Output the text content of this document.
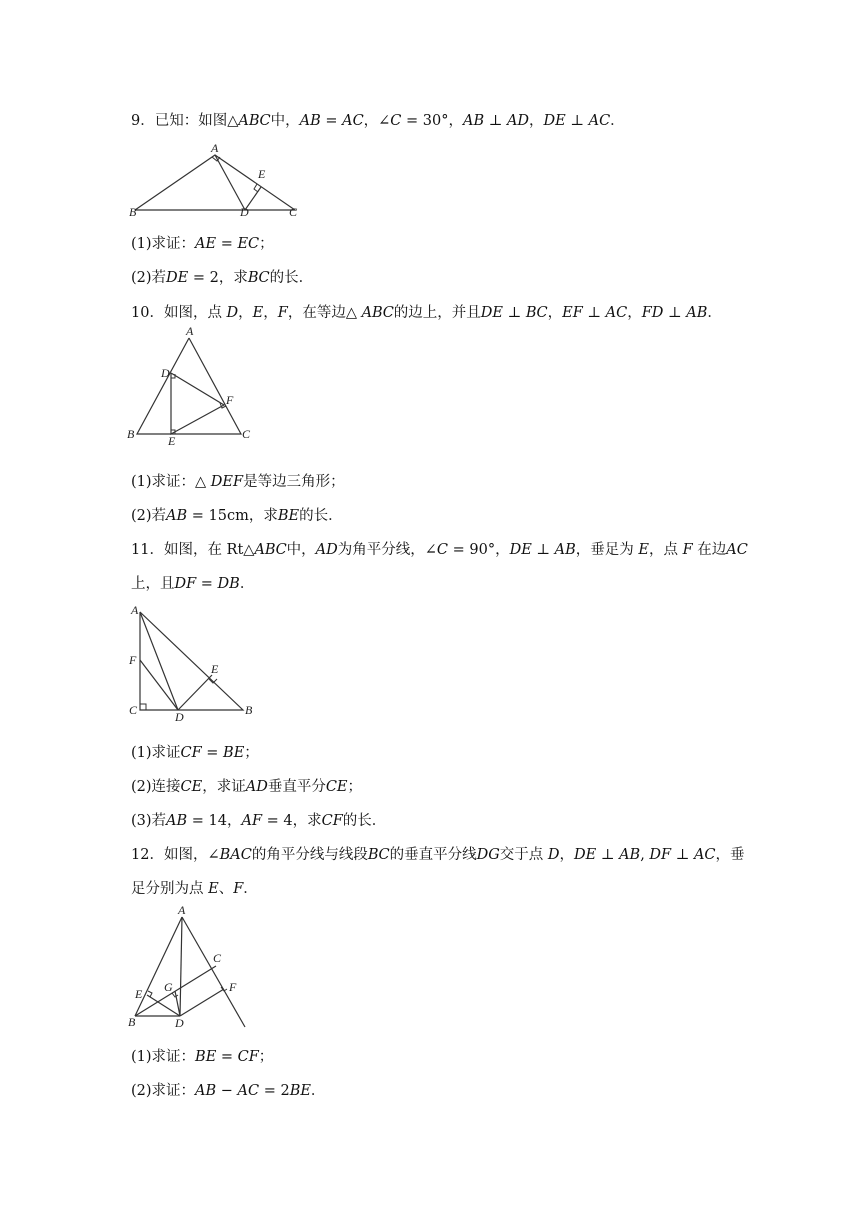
9．已知：如图△𝐴𝐵𝐶中，𝐴𝐵 = 𝐴𝐶，∠𝐶 = 30°，𝐴𝐵 ⊥ 𝐴𝐷，𝐷𝐸 ⊥ 𝐴𝐶．

A
B	C
D
E

(1)求证：𝐴𝐸 = 𝐸𝐶；

(2)若𝐷𝐸 = 2，求𝐵𝐶的长．

10．如图，点 𝐷，𝐸，𝐹，在等边△ 𝐴𝐵𝐶的边上，并且𝐷𝐸 ⊥ 𝐵𝐶，𝐸𝐹 ⊥ 𝐴𝐶，𝐹𝐷 ⊥ 𝐴𝐵．

A
B	C
D
E
F

(1)求证：△ 𝐷𝐸𝐹是等边三角形；

(2)若𝐴𝐵 = 15cm，求𝐵𝐸的长．

11．如图，在 Rt△𝐴𝐵𝐶中，𝐴𝐷为角平分线，∠𝐶 = 90°，𝐷𝐸 ⊥ 𝐴𝐵，垂足为 𝐸，点 𝐹 在边𝐴𝐶

上，且𝐷𝐹 = 𝐷𝐵．

A
B
C	D
E
F

(1)求证𝐶𝐹 = 𝐵𝐸；

(2)连接𝐶𝐸，求证𝐴𝐷垂直平分𝐶𝐸；

(3)若𝐴𝐵 = 14，𝐴𝐹 = 4，求𝐶𝐹的长．

12．如图，∠𝐵𝐴𝐶的角平分线与线段𝐵𝐶的垂直平分线𝐷𝐺交于点 𝐷，𝐷𝐸 ⊥ 𝐴𝐵, 𝐷𝐹 ⊥ 𝐴𝐶，垂

足分别为点 𝐸、𝐹．

A
B
C
D
E	F
G

(1)求证：𝐵𝐸 = 𝐶𝐹；

(2)求证：𝐴𝐵 − 𝐴𝐶 = 2𝐵𝐸．
